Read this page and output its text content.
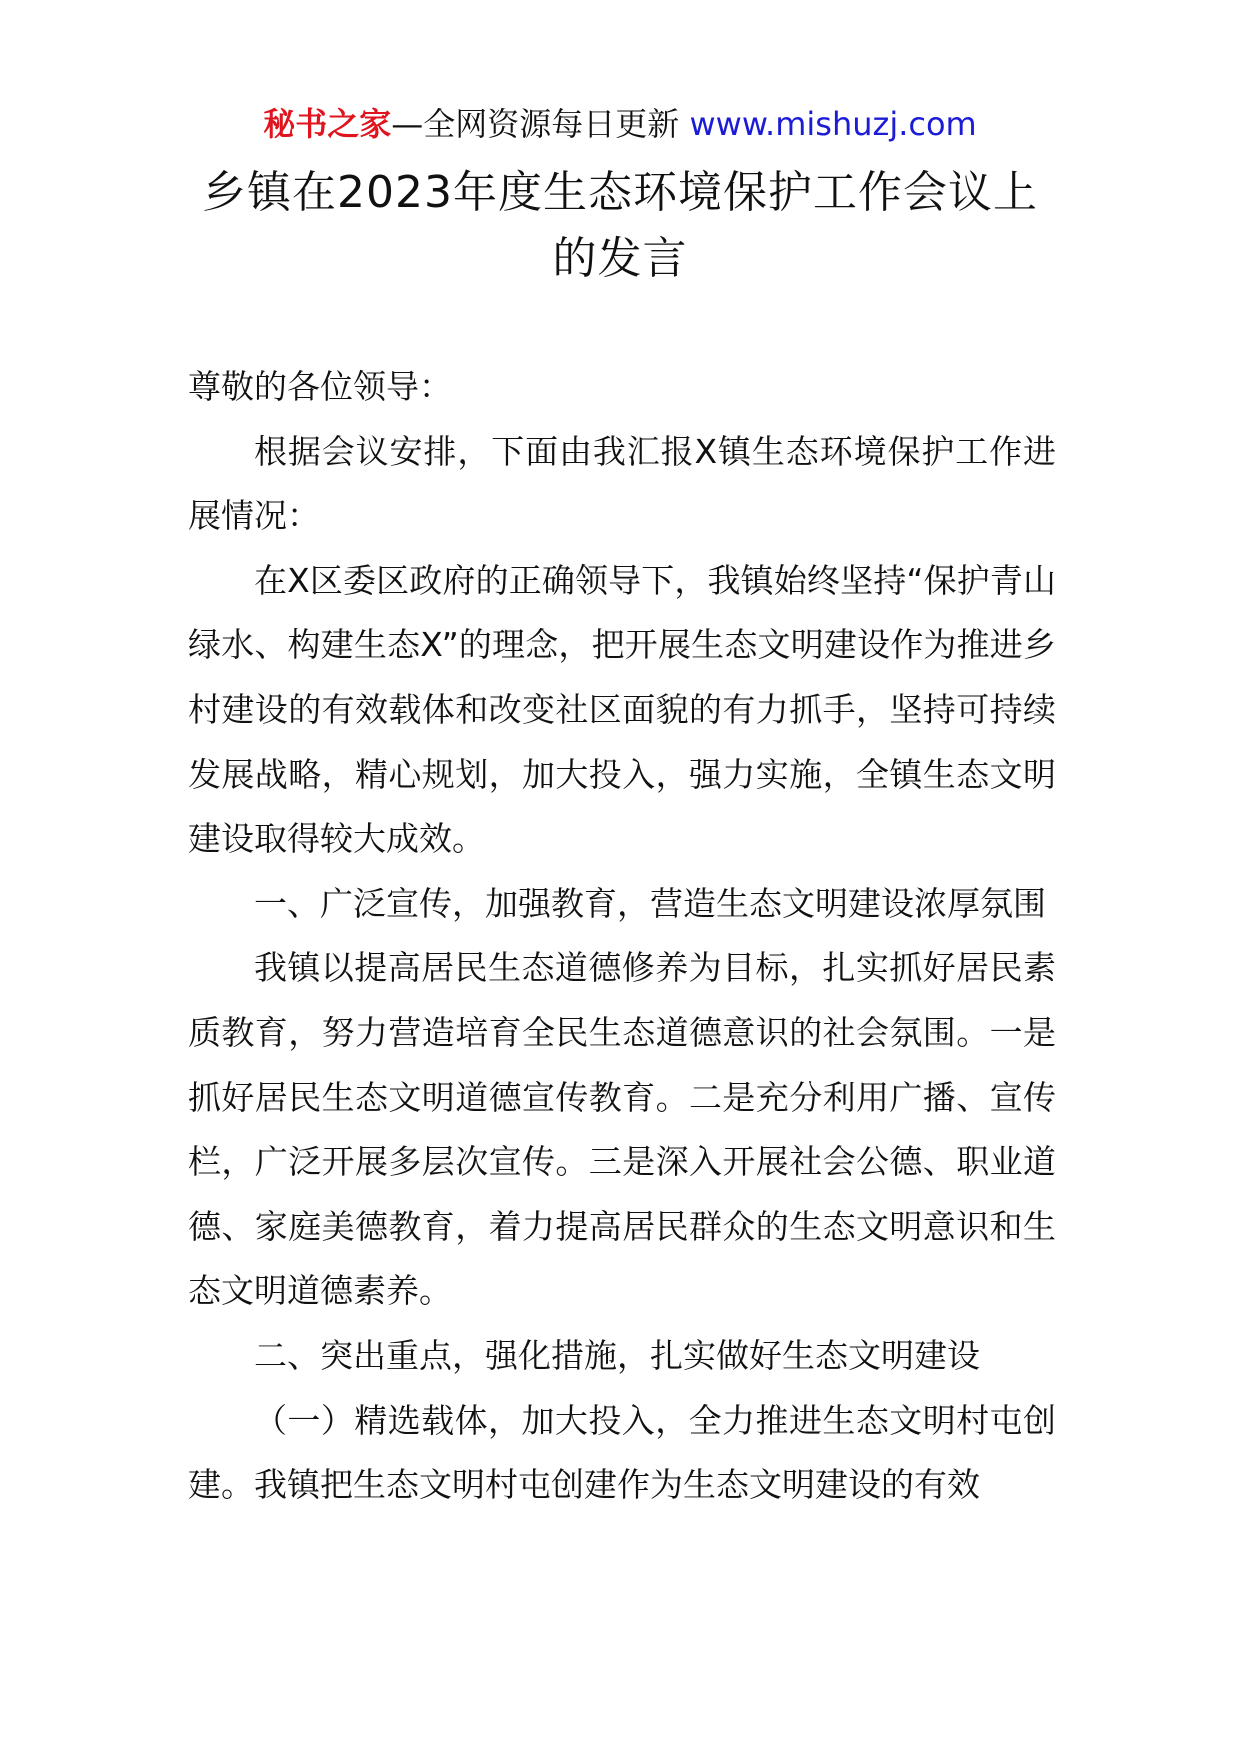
秘书之家—全网资源每日更新 www.mishuzj.com
乡镇在2023年度生态环境保护工作会议上的发言

尊敬的各位领导：

根据会议安排，下面由我汇报X镇生态环境保护工作进展情况：

在X区委区政府的正确领导下，我镇始终坚持“保护青山绿水、构建生态X”的理念，把开展生态文明建设作为推进乡村建设的有效载体和改变社区面貌的有力抓手，坚持可持续发展战略，精心规划，加大投入，强力实施，全镇生态文明建设取得较大成效。

一、广泛宣传，加强教育，营造生态文明建设浓厚氛围

我镇以提高居民生态道德修养为目标，扎实抓好居民素质教育，努力营造培育全民生态道德意识的社会氛围。一是抓好居民生态文明道德宣传教育。二是充分利用广播、宣传栏，广泛开展多层次宣传。三是深入开展社会公德、职业道德、家庭美德教育，着力提高居民群众的生态文明意识和生态文明道德素养。

二、突出重点，强化措施，扎实做好生态文明建设

（一）精选载体，加大投入，全力推进生态文明村屯创建。我镇把生态文明村屯创建作为生态文明建设的有效
